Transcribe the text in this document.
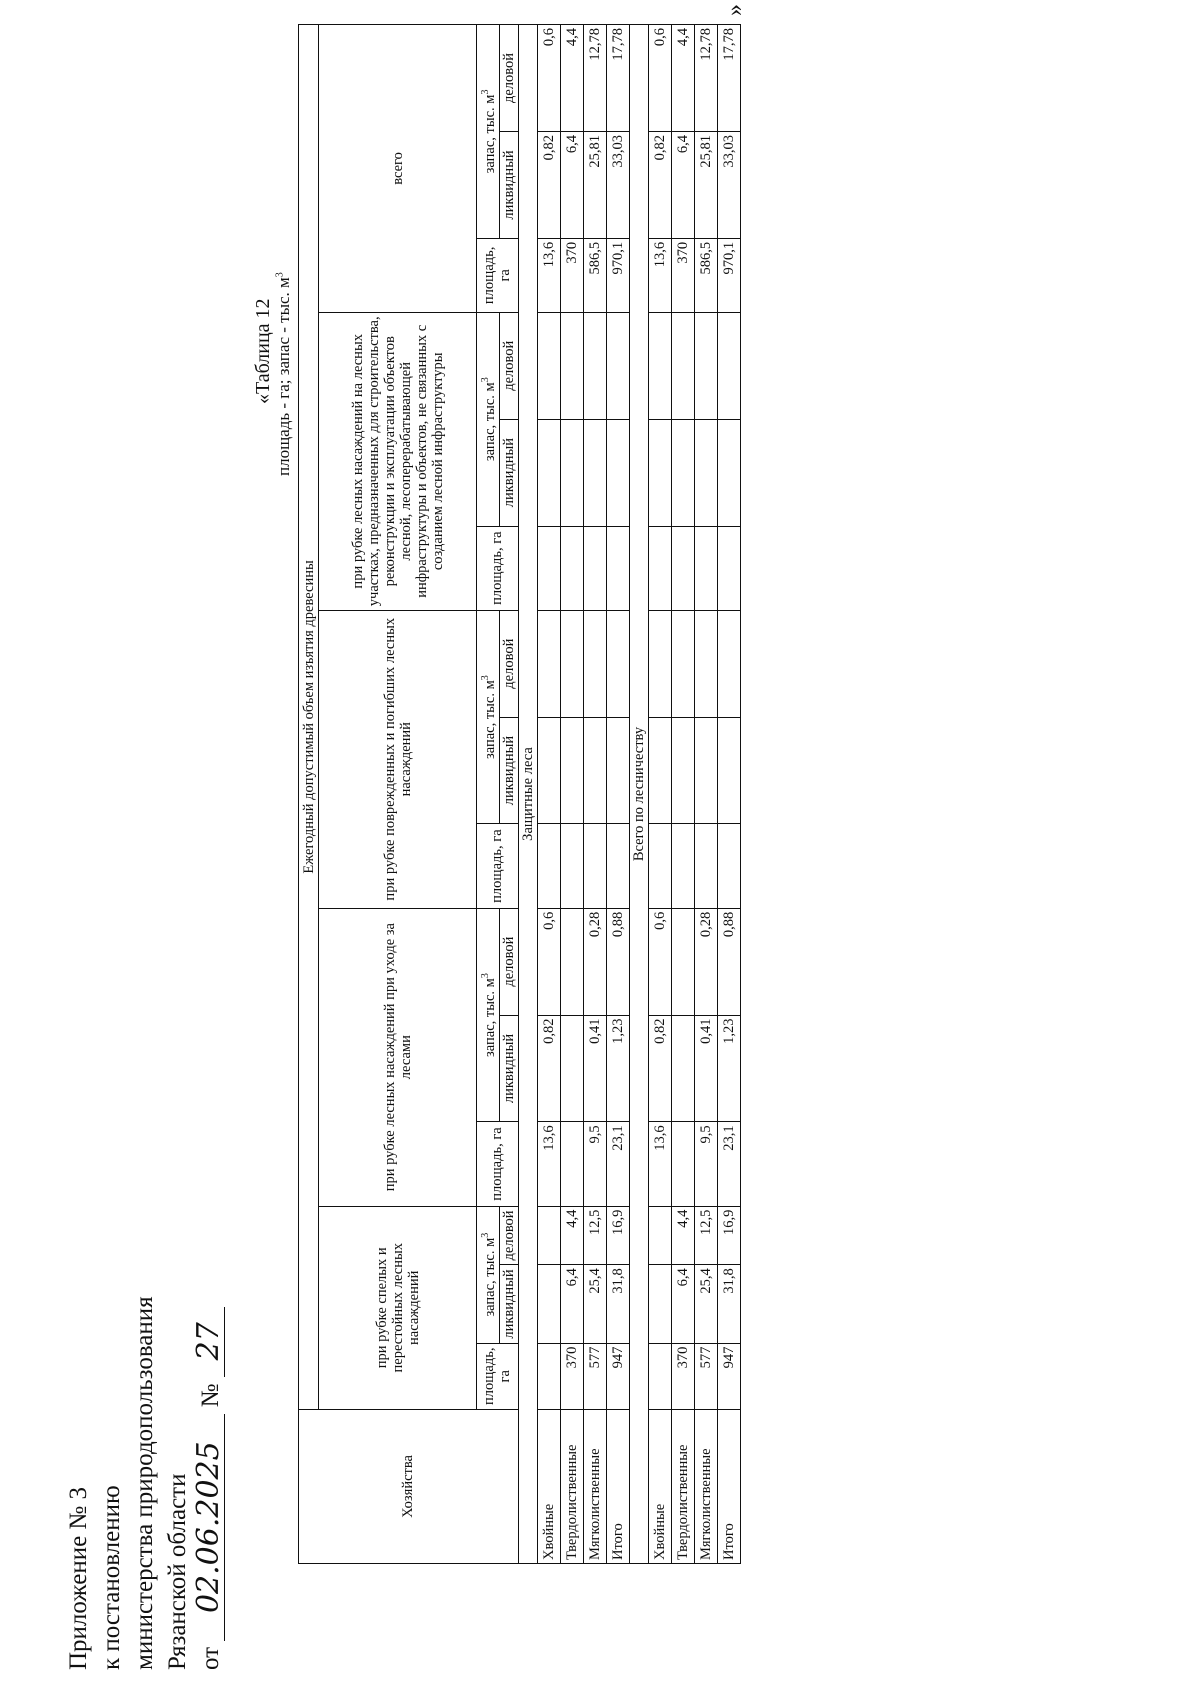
Приложение № 3 к постановлению министерства природопользования Рязанской области от 02.06.2025 № 27
«Таблица 12 площадь - га; запас - тыс. $м^3$
Хозяйства	Ежегодный допустимый объем изъятия древесины														
	при рубке спелых и перестойных лесных насаждений			при рубке лесных насаждений при уходе за лесами			при рубке поврежденных и погибших лесных насаждений			при рубке лесных насаждений на лесных участках, предназначенных для строительства, реконструкции и эксплуатации объектов лесной, лесоперерабатывающей инфраструктуры и объектов, не связанных с созданием лесной инфраструктуры			всего		
	площадь, га	запас, тыс. $м^3$		площадь, га	запас, тыс. $м^3$		площадь, га	запас, тыс. $м^3$		площадь, га	запас, тыс. $м^3$		площадь, га	запас, тыс. $м^3$
		ликвидный	деловой		ликвидный	деловой		ликвидный	деловой		ликвидный	деловой		ликвидный	деловой
Защитные леса															
Хвойные				13,6	0,82	0,6							13,6	0,82	0,6
Твердолиственные	370	6,4	4,4										370	6,4	4,4
Мягколиственные	577	25,4	12,5	9,5	0,41	0,28							586,5	25,81	12,78
Итого	947	31,8	16,9	23,1	1,23	0,88							970,1	33,03	17,78
Всего по лесничеству															
Хвойные				13,6	0,82	0,6							13,6	0,82	0,6
Твердолиственные	370	6,4	4,4										370	6,4	4,4
Мягколиственные	577	25,4	12,5	9,5	0,41	0,28							586,5	25,81	12,78
Итого	947	31,8	16,9	23,1	1,23	0,88							970,1	33,03	17,78
»
